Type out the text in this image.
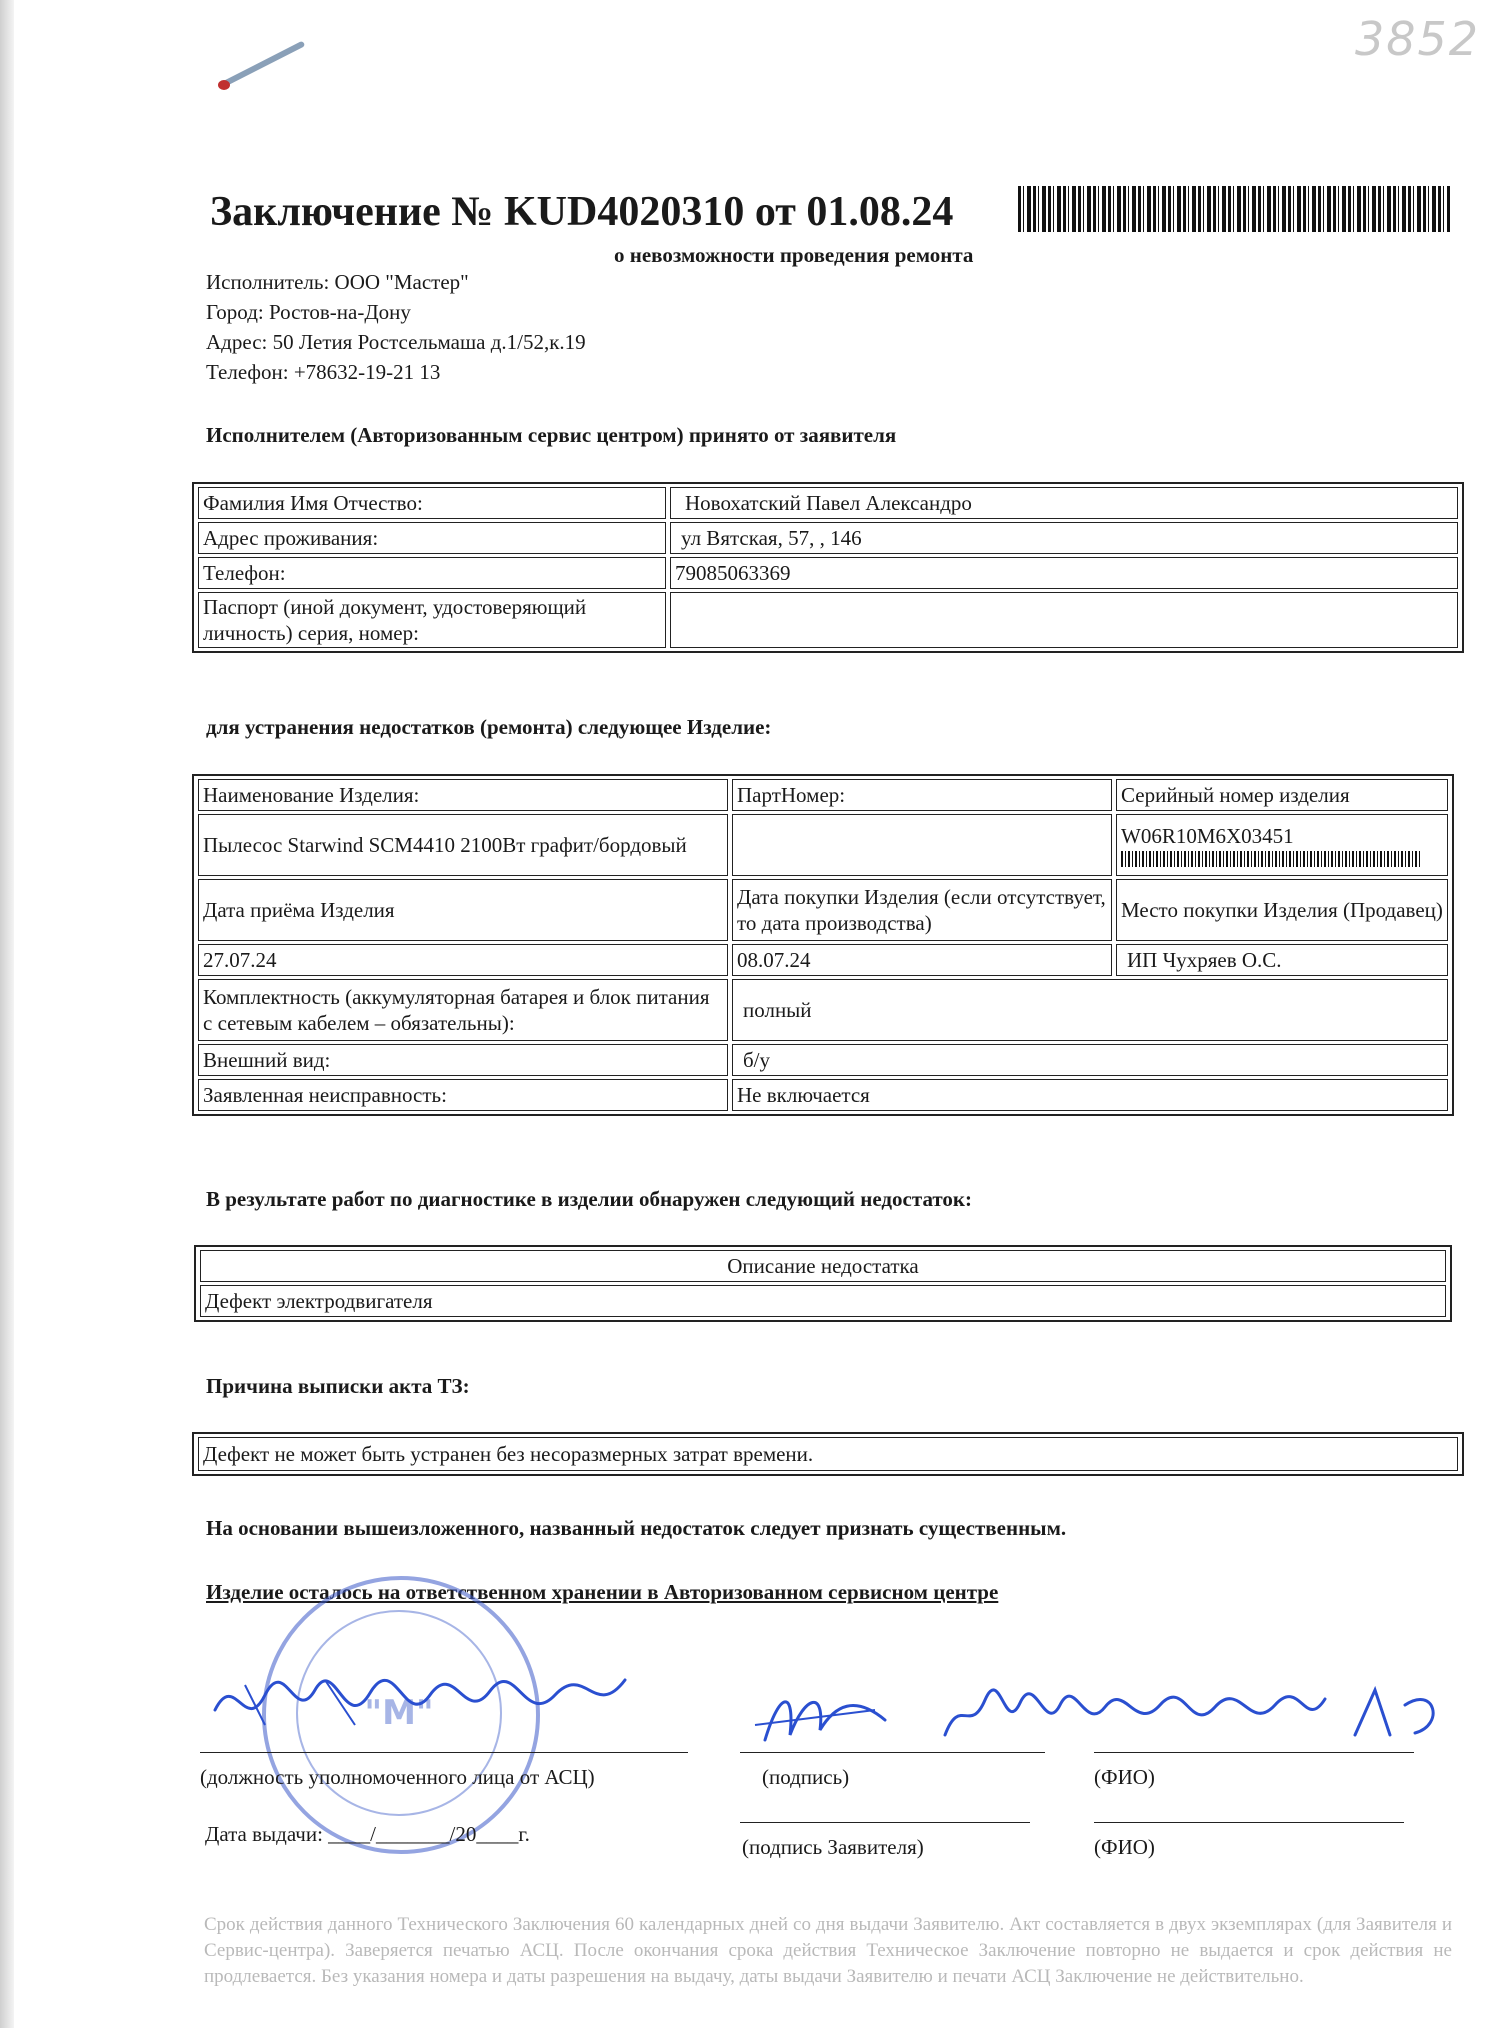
3852
Заключение № KUD4020310 от 01.08.24
о невозможности проведения ремонта
Исполнитель: ООО "Мастер"
Город: Ростов-на-Дону
Адрес: 50 Летия Ростсельмаша д.1/52,к.19
Телефон: +78632-19-21 13
Исполнителем (Авторизованным сервис центром) принято от заявителя
Фамилия Имя Отчество:	Новохатский Павел Александро
Адрес проживания:	ул Вятская, 57, , 146
Телефон:	79085063369
Паспорт (иной документ, удостоверяющий личность) серия, номер:	
для устранения недостатков (ремонта) следующее Изделие:
Наименование Изделия:	ПартНомер:	Серийный номер изделия
Пылесос Starwind SCM4410 2100Вт графит/бордовый		W06R10M6X03451

Дата приёма Изделия	Дата покупки Изделия (если отсутствует, то дата производства)	Место покупки Изделия (Продавец)
27.07.24	08.07.24	ИП Чухряев О.С.
Комплектность (аккумуляторная батарея и блок питания с сетевым кабелем – обязательны):	полный	
Внешний вид:	б/у	
Заявленная неисправность:	Не включается	
В результате работ по диагностике в изделии обнаружен следующий недостаток:
Описание недостатка
Дефект электродвигателя
Причина выписки акта ТЗ:
Дефект не может быть устранен без несоразмерных затрат времени.
На основании вышеизложенного, названный недостаток следует признать существенным.
Изделие осталось на ответственном хранении в Авторизованном сервисном центре
"М"
(должность уполномоченного лица от АСЦ)	(подпись)	(ФИО)
Дата выдачи: ____/_______/20____г.
(подпись Заявителя)	(ФИО)
Срок действия данного Технического Заключения 60 календарных дней со дня выдачи Заявителю. Акт составляется в двух экземплярах (для Заявителя и Сервис-центра). Заверяется печатью АСЦ. После окончания срока действия Техническое Заключение повторно не выдается и срок действия не продлевается. Без указания номера и даты разрешения на выдачу, даты выдачи Заявителю и печати АСЦ Заключение не действительно.
